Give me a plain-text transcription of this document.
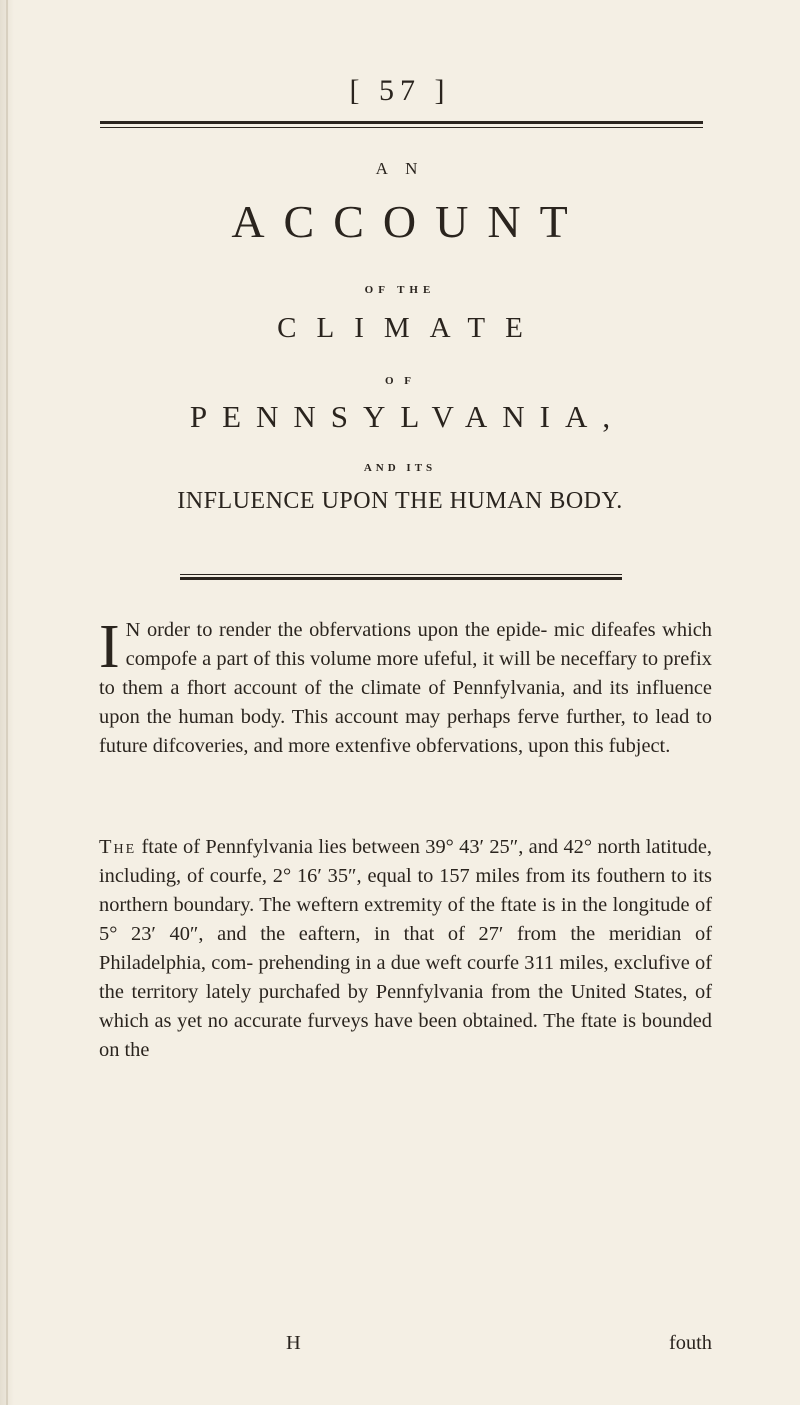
[ 57 ]
A N
ACCOUNT
OF THE
CLIMATE
O F
PENNSYLVANIA,
AND ITS
INFLUENCE UPON THE HUMAN BODY.

I N order to render the obfervations upon the epide- mic difeafes which compofe a part of this volume more ufeful, it will be neceffary to prefix to them a fhort account of the climate of Pennfylvania, and its influence upon the human body. This account may perhaps ferve further, to lead to future difcoveries, and more extenfive obfervations, upon this fubject.

The ftate of Pennfylvania lies between 39° 43′ 25″, and 42° north latitude, including, of courfe, 2° 16′ 35″, equal to 157 miles from its fouthern to its northern boundary. The weftern extremity of the ftate is in the longitude of 5° 23′ 40″, and the eaftern, in that of 27′ from the meridian of Philadelphia, com- prehending in a due weft courfe 311 miles, exclufive of the territory lately purchafed by Pennfylvania from the United States, of which as yet no accurate furveys have been obtained. The ftate is bounded on the

H	fouth
